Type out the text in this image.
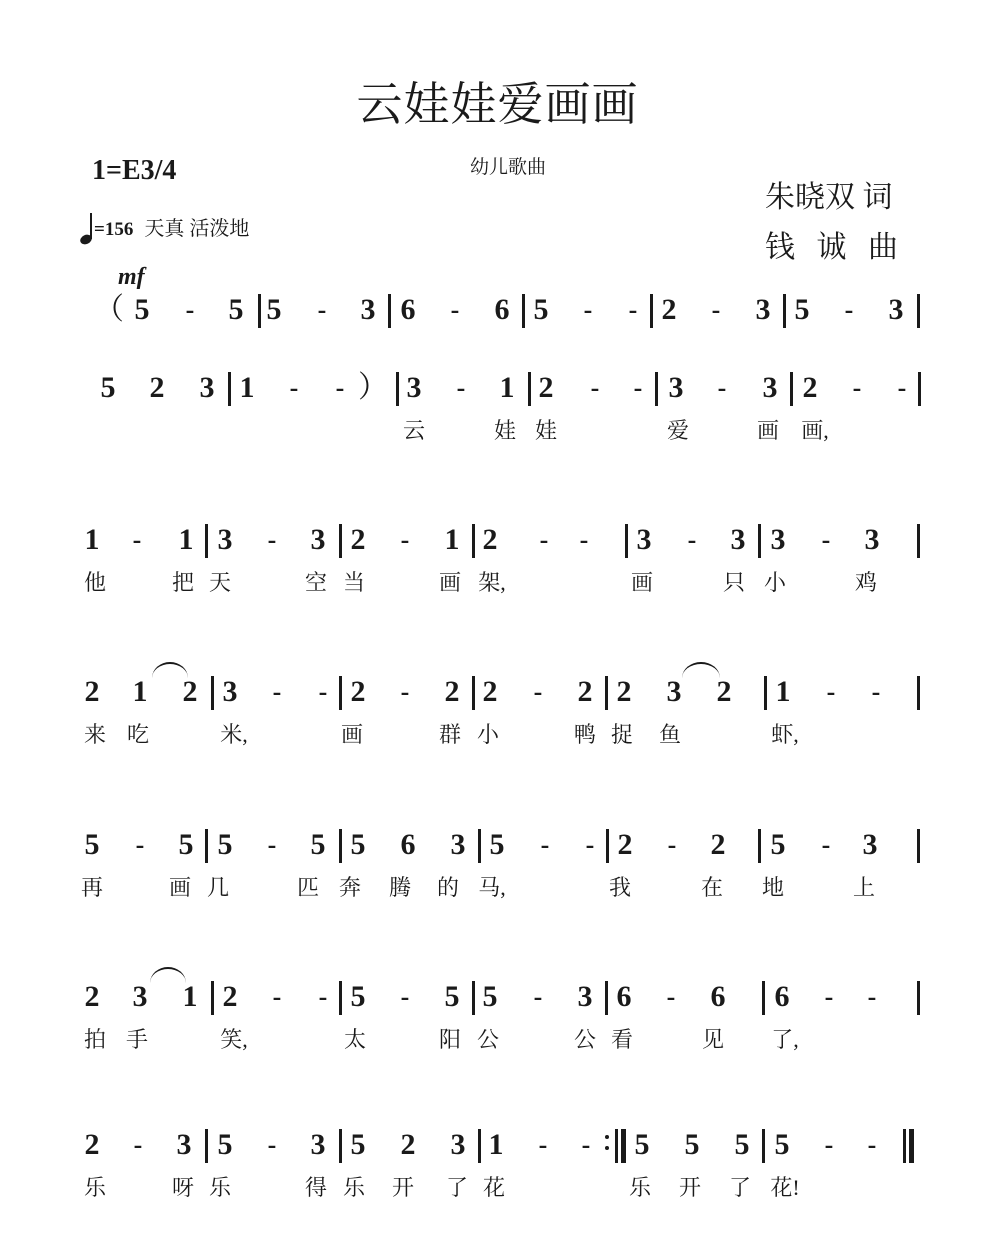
云娃娃爱画画
1=E3/4	幼儿歌曲
=156 天真 活泼地
朱晓双 词
钱 诚 曲
mf
（ 5 - 5 5 - 3 6 - 6 5 - - 2 - 3 5 - 3
5 2 3 1 - - ） 3 - 1 2 - - 3 - 3 2 - -
云	娃 娃	爱	画 画,
1 - 1 3 - 3 2 - 1 2 - - 3 - 3 3 - 3
他	把 天	空 当	画 架,	画	只 小	鸡
2 1 2 3 - - 2 - 2 2 - 2 2 3 2 1 - -
来 吃	米,	画	群 小	鸭 捉 鱼	虾,
5 - 5 5 - 5 5 6 3 5 - - 2 - 2 5 - 3
再	画 几	匹 奔 腾 的 马,	我	在 地	上
2 3 1 2 - - 5 - 5 5 - 3 6 - 6 6 - -
拍 手	笑,	太	阳 公	公 看	见 了,
2 - 3 5 - 3 5 2 3 1 - - 5 5 5 5 - -
乐	呀 乐	得 乐 开 了 花	乐 开 了 花!
